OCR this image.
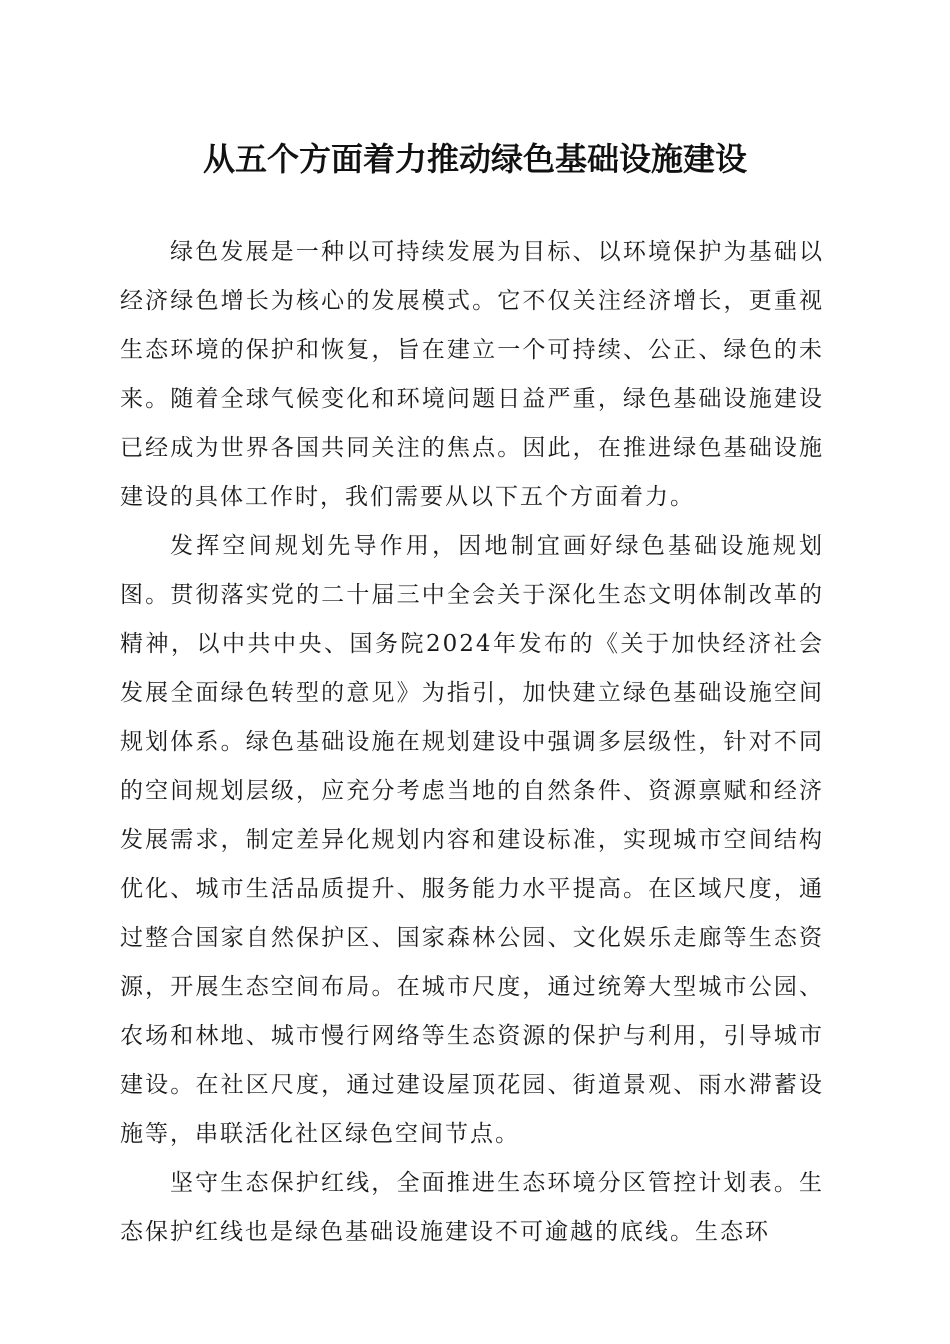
从五个方面着力推动绿色基础设施建设

绿色发展是一种以可持续发展为目标、以环境保护为基础以经济绿色增长为核心的发展模式。它不仅关注经济增长，更重视生态环境的保护和恢复，旨在建立一个可持续、公正、绿色的未来。随着全球气候变化和环境问题日益严重，绿色基础设施建设已经成为世界各国共同关注的焦点。因此，在推进绿色基础设施建设的具体工作时，我们需要从以下五个方面着力。

发挥空间规划先导作用，因地制宜画好绿色基础设施规划图。贯彻落实党的二十届三中全会关于深化生态文明体制改革的精神，以中共中央、国务院2024年发布的《关于加快经济社会发展全面绿色转型的意见》为指引，加快建立绿色基础设施空间规划体系。绿色基础设施在规划建设中强调多层级性，针对不同的空间规划层级，应充分考虑当地的自然条件、资源禀赋和经济发展需求，制定差异化规划内容和建设标准，实现城市空间结构优化、城市生活品质提升、服务能力水平提高。在区域尺度，通过整合国家自然保护区、国家森林公园、文化娱乐走廊等生态资源，开展生态空间布局。在城市尺度，通过统筹大型城市公园、农场和林地、城市慢行网络等生态资源的保护与利用，引导城市建设。在社区尺度，通过建设屋顶花园、街道景观、雨水滞蓄设施等，串联活化社区绿色空间节点。

坚守生态保护红线，全面推进生态环境分区管控计划表。生态保护红线也是绿色基础设施建设不可逾越的底线。生态环
